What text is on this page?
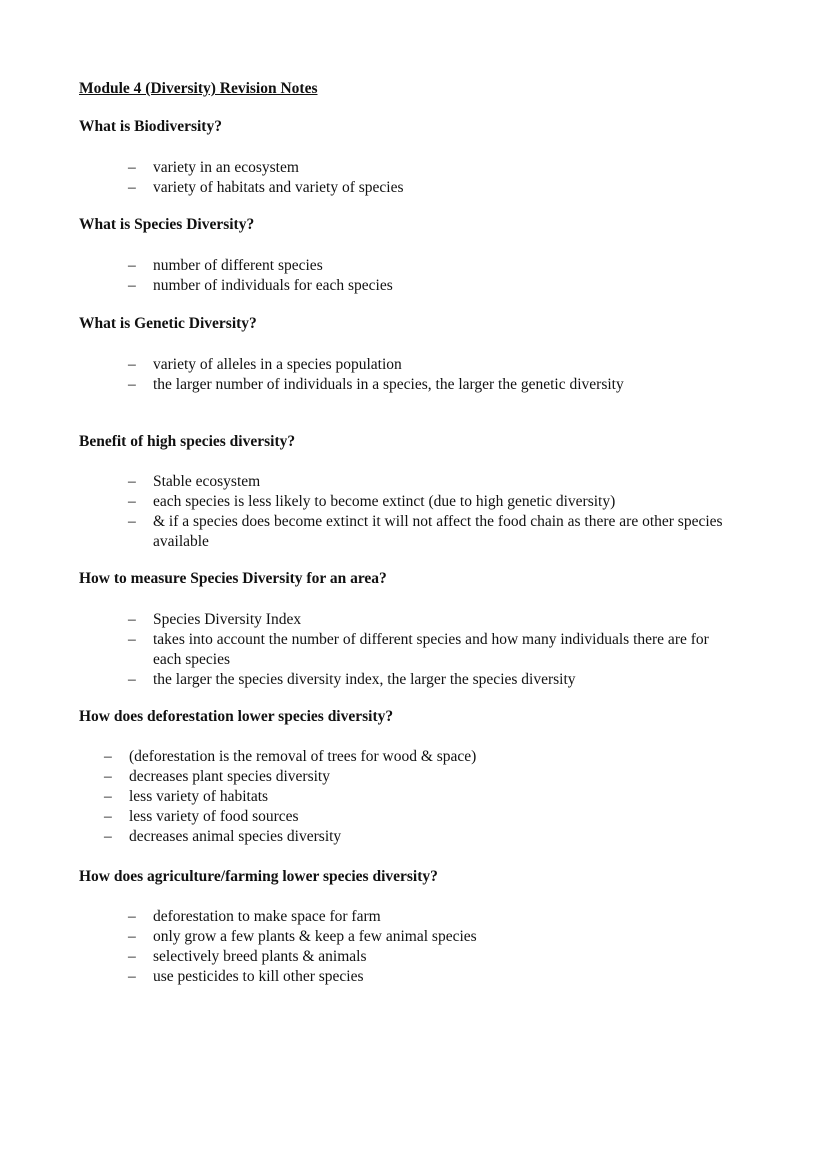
Module 4 (Diversity) Revision Notes
What is Biodiversity?
– variety in an ecosystem
– variety of habitats and variety of species
What is Species Diversity?
– number of different species
– number of individuals for each species
What is Genetic Diversity?
– variety of alleles in a species population
– the larger number of individuals in a species, the larger the genetic diversity
Benefit of high species diversity?
– Stable ecosystem
– each species is less likely to become extinct (due to high genetic diversity)
– & if a species does become extinct it will not affect the food chain as there are other species available
How to measure Species Diversity for an area?
– Species Diversity Index
– takes into account the number of different species and how many individuals there are for each species
– the larger the species diversity index, the larger the species diversity
How does deforestation lower species diversity?
– (deforestation is the removal of trees for wood & space)
– decreases plant species diversity
– less variety of habitats
– less variety of food sources
– decreases animal species diversity
How does agriculture/farming lower species diversity?
– deforestation to make space for farm
– only grow a few plants & keep a few animal species
– selectively breed plants & animals
– use pesticides to kill other species
